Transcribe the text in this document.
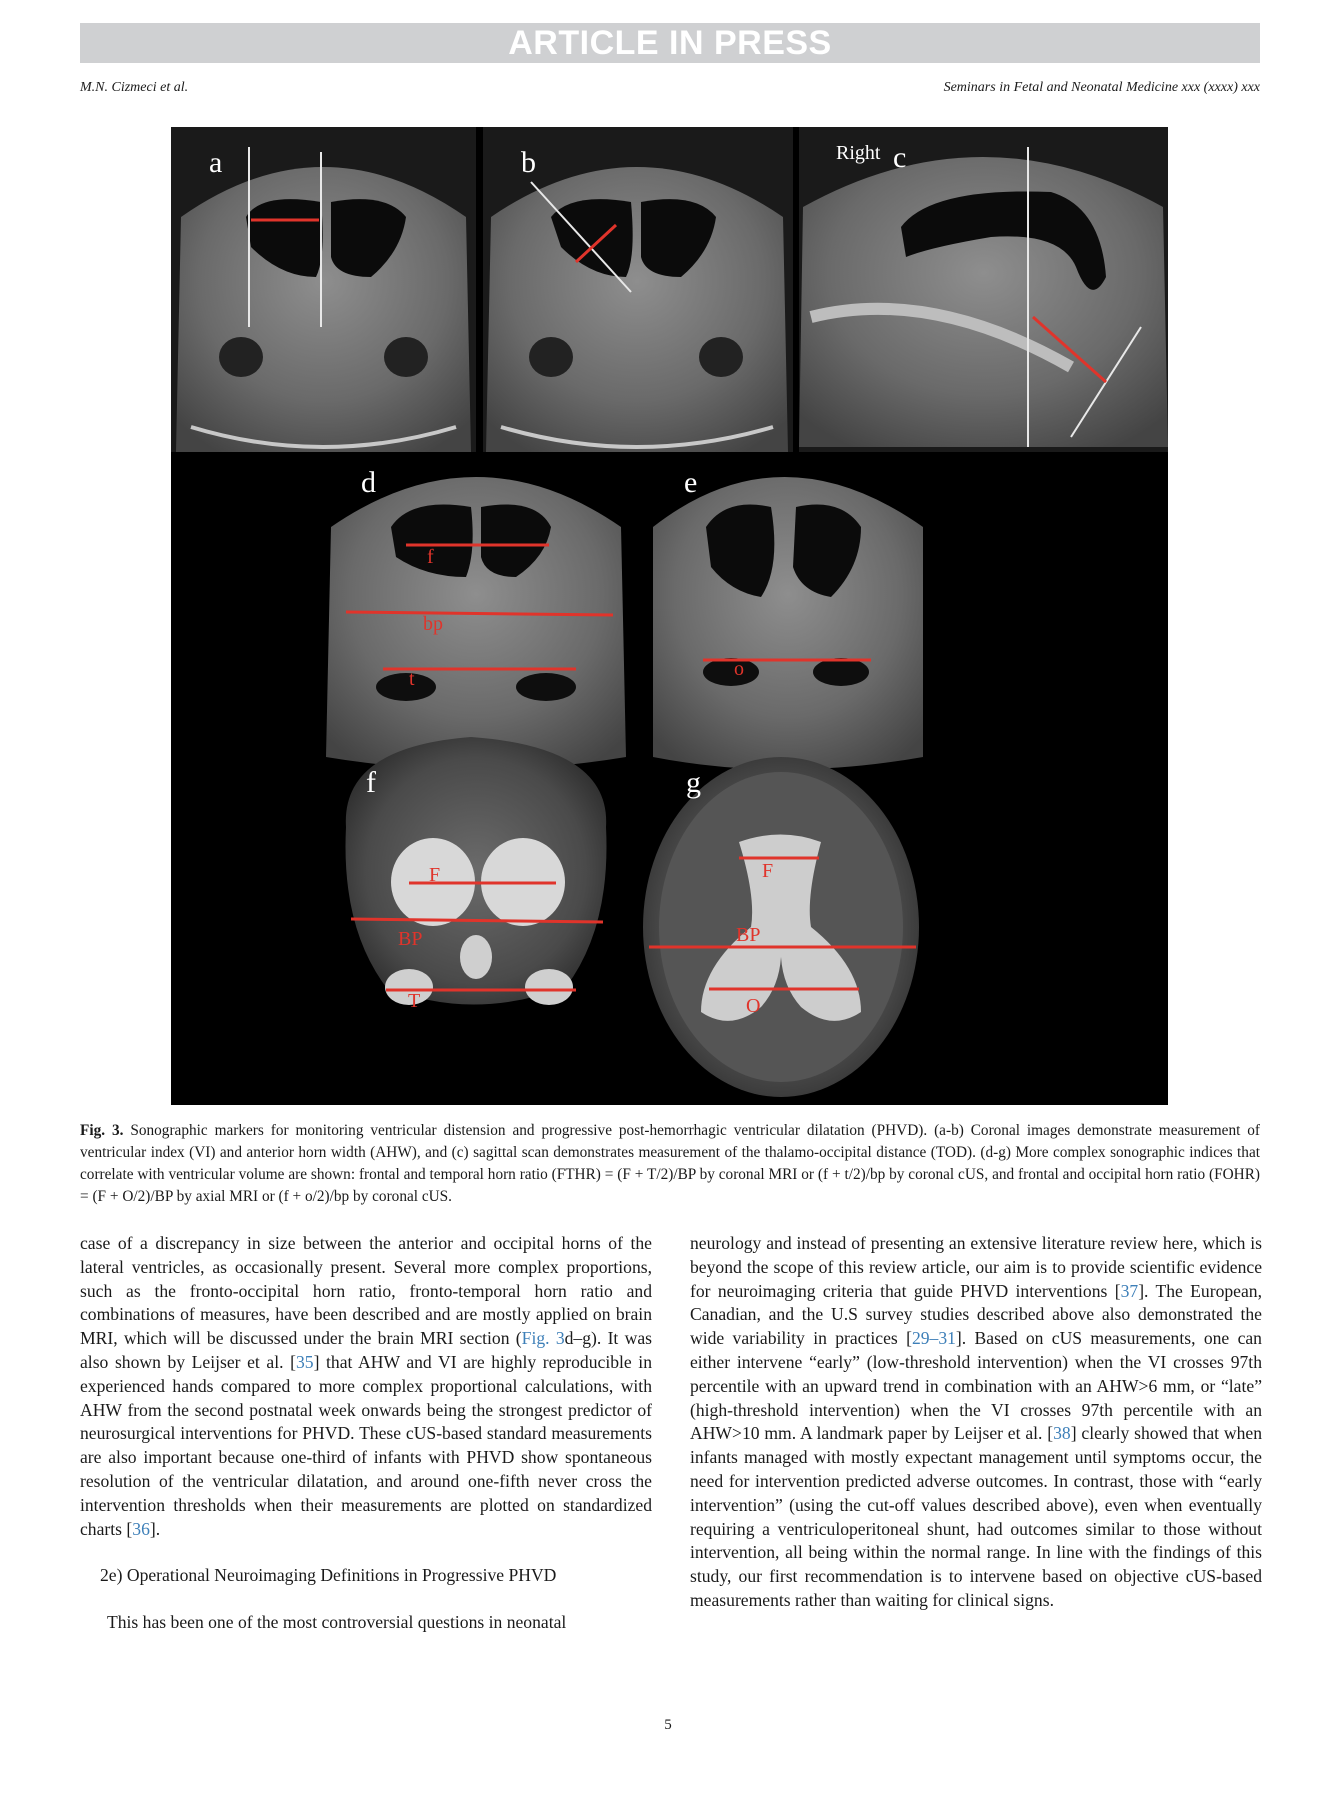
ARTICLE IN PRESS
M.N. Cizmeci et al.	Seminars in Fetal and Neonatal Medicine xxx (xxxx) xxx
a	b	Right c
f
bp
t
d
o
e
F
BP
T
f
F
BP
O
g
Fig. 3. Sonographic markers for monitoring ventricular distension and progressive post-hemorrhagic ventricular dilatation (PHVD). (a-b) Coronal images demonstrate measurement of ventricular index (VI) and anterior horn width (AHW), and (c) sagittal scan demonstrates measurement of the thalamo-occipital distance (TOD). (d-g) More complex sonographic indices that correlate with ventricular volume are shown: frontal and temporal horn ratio (FTHR) = (F + T/2)/BP by coronal MRI or (f + t/2)/bp by coronal cUS, and frontal and occipital horn ratio (FOHR) = (F + O/2)/BP by axial MRI or (f + o/2)/bp by coronal cUS.

case of a discrepancy in size between the anterior and occipital horns of the lateral ventricles, as occasionally present. Several more complex proportions, such as the fronto-occipital horn ratio, fronto-temporal horn ratio and combinations of measures, have been described and are mostly applied on brain MRI, which will be discussed under the brain MRI section (Fig. 3d–g). It was also shown by Leijser et al. [35] that AHW and VI are highly reproducible in experienced hands compared to more complex proportional calculations, with AHW from the second postnatal week onwards being the strongest predictor of neurosurgical interventions for PHVD. These cUS-based standard measurements are also important because one-third of infants with PHVD show spontaneous resolution of the ventricular dilatation, and around one-fifth never cross the intervention thresholds when their measurements are plotted on standardized charts [36].

2e) Operational Neuroimaging Definitions in Progressive PHVD

This has been one of the most controversial questions in neonatal

neurology and instead of presenting an extensive literature review here, which is beyond the scope of this review article, our aim is to provide scientific evidence for neuroimaging criteria that guide PHVD interventions [37]. The European, Canadian, and the U.S survey studies described above also demonstrated the wide variability in practices [29–31]. Based on cUS measurements, one can either intervene “early” (low-threshold intervention) when the VI crosses 97th percentile with an upward trend in combination with an AHW>6 mm, or “late” (high-threshold intervention) when the VI crosses 97th percentile with an AHW>10 mm. A landmark paper by Leijser et al. [38] clearly showed that when infants managed with mostly expectant management until symptoms occur, the need for intervention predicted adverse outcomes. In contrast, those with “early intervention” (using the cut-off values described above), even when eventually requiring a ventriculoperitoneal shunt, had outcomes similar to those without intervention, all being within the normal range. In line with the findings of this study, our first recommendation is to intervene based on objective cUS-based measurements rather than waiting for clinical signs.

5
